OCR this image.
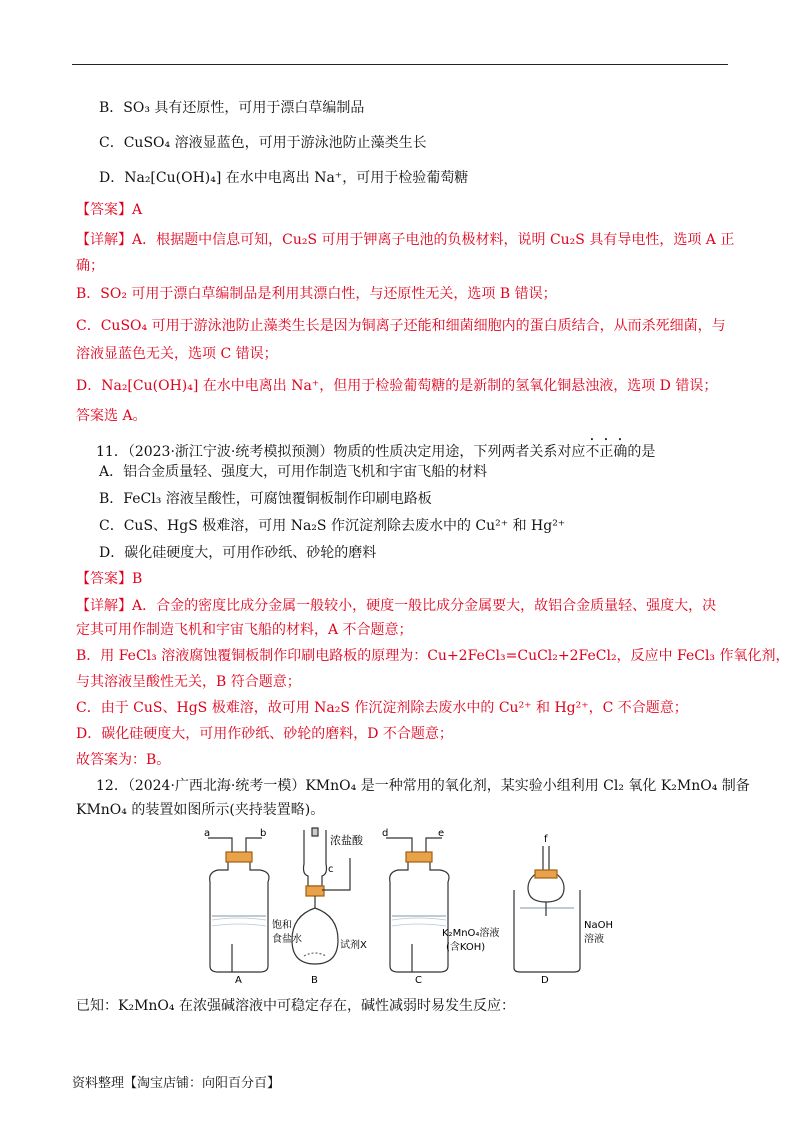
B．SO₃ 具有还原性，可用于漂白草编制品
C．CuSO₄ 溶液显蓝色，可用于游泳池防止藻类生长
D．Na₂[Cu(OH)₄] 在水中电离出 Na⁺，可用于检验葡萄糖
【答案】A
【详解】A．根据题中信息可知，Cu₂S 可用于钾离子电池的负极材料，说明 Cu₂S 具有导电性，选项 A 正
确；
B．SO₂ 可用于漂白草编制品是利用其漂白性，与还原性无关，选项 B 错误；
C．CuSO₄ 可用于游泳池防止藻类生长是因为铜离子还能和细菌细胞内的蛋白质结合，从而杀死细菌，与
溶液显蓝色无关，选项 C 错误；
D．Na₂[Cu(OH)₄] 在水中电离出 Na⁺，但用于检验葡萄糖的是新制的氢氧化铜悬浊液，选项 D 错误；
答案选 A。
11．（2023·浙江宁波·统考模拟预测）物质的性质决定用途，下列两者关系对应不正确的是
A．铝合金质量轻、强度大，可用作制造飞机和宇宙飞船的材料
B．FeCl₃ 溶液呈酸性，可腐蚀覆铜板制作印刷电路板
C．CuS、HgS 极难溶，可用 Na₂S 作沉淀剂除去废水中的 Cu²⁺ 和 Hg²⁺
D．碳化硅硬度大，可用作砂纸、砂轮的磨料
【答案】B
【详解】A．合金的密度比成分金属一般较小，硬度一般比成分金属要大，故铝合金质量轻、强度大，决
定其可用作制造飞机和宇宙飞船的材料，A 不合题意；
B．用 FeCl₃ 溶液腐蚀覆铜板制作印刷电路板的原理为：Cu+2FeCl₃=CuCl₂+2FeCl₂，反应中 FeCl₃ 作氧化剂，
与其溶液呈酸性无关，B 符合题意；
C．由于 CuS、HgS 极难溶，故可用 Na₂S 作沉淀剂除去废水中的 Cu²⁺ 和 Hg²⁺，C 不合题意；
D．碳化硅硬度大，可用作砂纸、砂轮的磨料，D 不合题意；
故答案为：B。
12．（2024·广西北海·统考一模）KMnO₄ 是一种常用的氧化剂，某实验小组利用 Cl₂ 氧化 K₂MnO₄ 制备
KMnO₄ 的装置如图所示(夹持装置略)。
a	b
饱和
食盐水
A
浓盐酸
c
试剂X
B
d	e
K₂MnO₄溶液
(含KOH)
C
f
NaOH
溶液
D
已知：K₂MnO₄ 在浓强碱溶液中可稳定存在，碱性减弱时易发生反应：
资料整理【淘宝店铺：向阳百分百】
